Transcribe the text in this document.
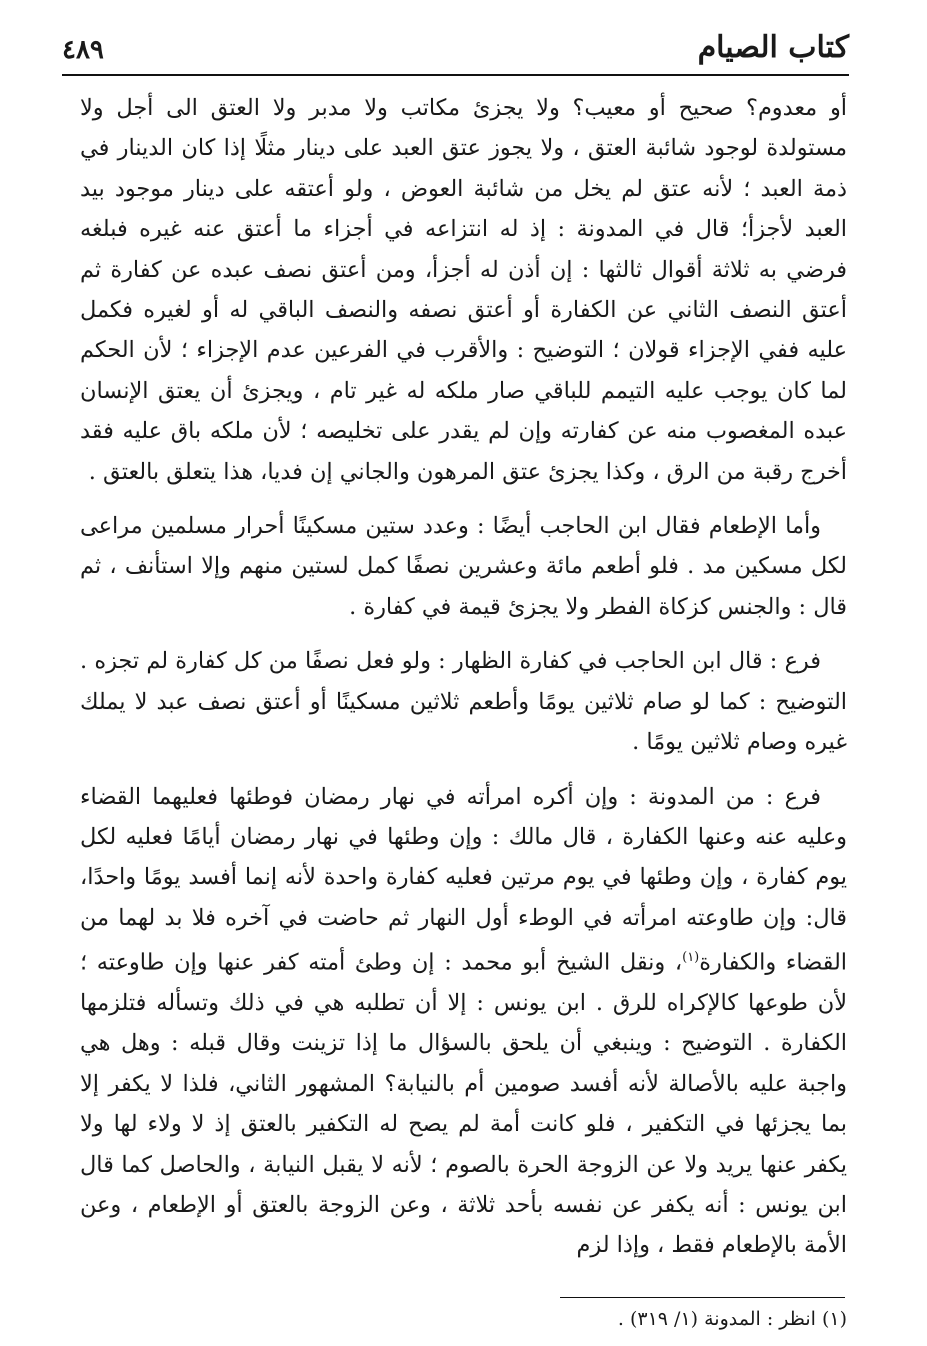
كتاب الصيام
٤٨٩

أو معدوم؟ صحيح أو معيب؟ ولا يجزئ مكاتب ولا مدبر ولا العتق الى أجل ولا مستولدة لوجود شائبة العتق ، ولا يجوز عتق العبد على دينار مثلًا إذا كان الدينار في ذمة العبد ؛ لأنه عتق لم يخل من شائبة العوض ، ولو أعتقه على دينار موجود بيد العبد لأجزأ؛ قال في المدونة : إذ له انتزاعه في أجزاء ما أعتق عنه غيره فبلغه فرضي به ثلاثة أقوال ثالثها : إن أذن له أجزأ، ومن أعتق نصف عبده عن كفارة ثم أعتق النصف الثاني عن الكفارة أو أعتق نصفه والنصف الباقي له أو لغيره فكمل عليه ففي الإجزاء قولان ؛ التوضيح : والأقرب في الفرعين عدم الإجزاء ؛ لأن الحكم لما كان يوجب عليه التيمم للباقي صار ملكه له غير تام ، ويجزئ أن يعتق الإنسان عبده المغصوب منه عن كفارته وإن لم يقدر على تخليصه ؛ لأن ملكه باق عليه فقد أخرج رقبة من الرق ، وكذا يجزئ عتق المرهون والجاني إن فديا، هذا يتعلق بالعتق .

وأما الإطعام فقال ابن الحاجب أيضًا : وعدد ستين مسكينًا أحرار مسلمين مراعى لكل مسكين مد . فلو أطعم مائة وعشرين نصفًا كمل لستين منهم وإلا استأنف ، ثم قال : والجنس كزكاة الفطر ولا يجزئ قيمة في كفارة .

فرع : قال ابن الحاجب في كفارة الظهار : ولو فعل نصفًا من كل كفارة لم تجزه . التوضيح : كما لو صام ثلاثين يومًا وأطعم ثلاثين مسكينًا أو أعتق نصف عبد لا يملك غيره وصام ثلاثين يومًا .

فرع : من المدونة : وإن أكره امرأته في نهار رمضان فوطئها فعليهما القضاء وعليه عنه وعنها الكفارة ، قال مالك : وإن وطئها في نهار رمضان أيامًا فعليه لكل يوم كفارة ، وإن وطئها في يوم مرتين فعليه كفارة واحدة لأنه إنما أفسد يومًا واحدًا، قال: وإن طاوعته امرأته في الوطء أول النهار ثم حاضت في آخره فلا بد لهما من القضاء والكفارة$^{(١)}$، ونقل الشيخ أبو محمد : إن وطئ أمته كفر عنها وإن طاوعته ؛ لأن طوعها كالإكراه للرق . ابن يونس : إلا أن تطلبه هي في ذلك وتسأله فتلزمها الكفارة . التوضيح : وينبغي أن يلحق بالسؤال ما إذا تزينت وقال قبله : وهل هي واجبة عليه بالأصالة لأنه أفسد صومين أم بالنيابة؟ المشهور الثاني، فلذا لا يكفر إلا بما يجزئها في التكفير ، فلو كانت أمة لم يصح له التكفير بالعتق إذ لا ولاء لها ولا يكفر عنها يريد ولا عن الزوجة الحرة بالصوم ؛ لأنه لا يقبل النيابة ، والحاصل كما قال ابن يونس : أنه يكفر عن نفسه بأحد ثلاثة ، وعن الزوجة بالعتق أو الإطعام ، وعن الأمة بالإطعام فقط ، وإذا لزم

(١) انظر : المدونة (١/ ٣١٩) .
